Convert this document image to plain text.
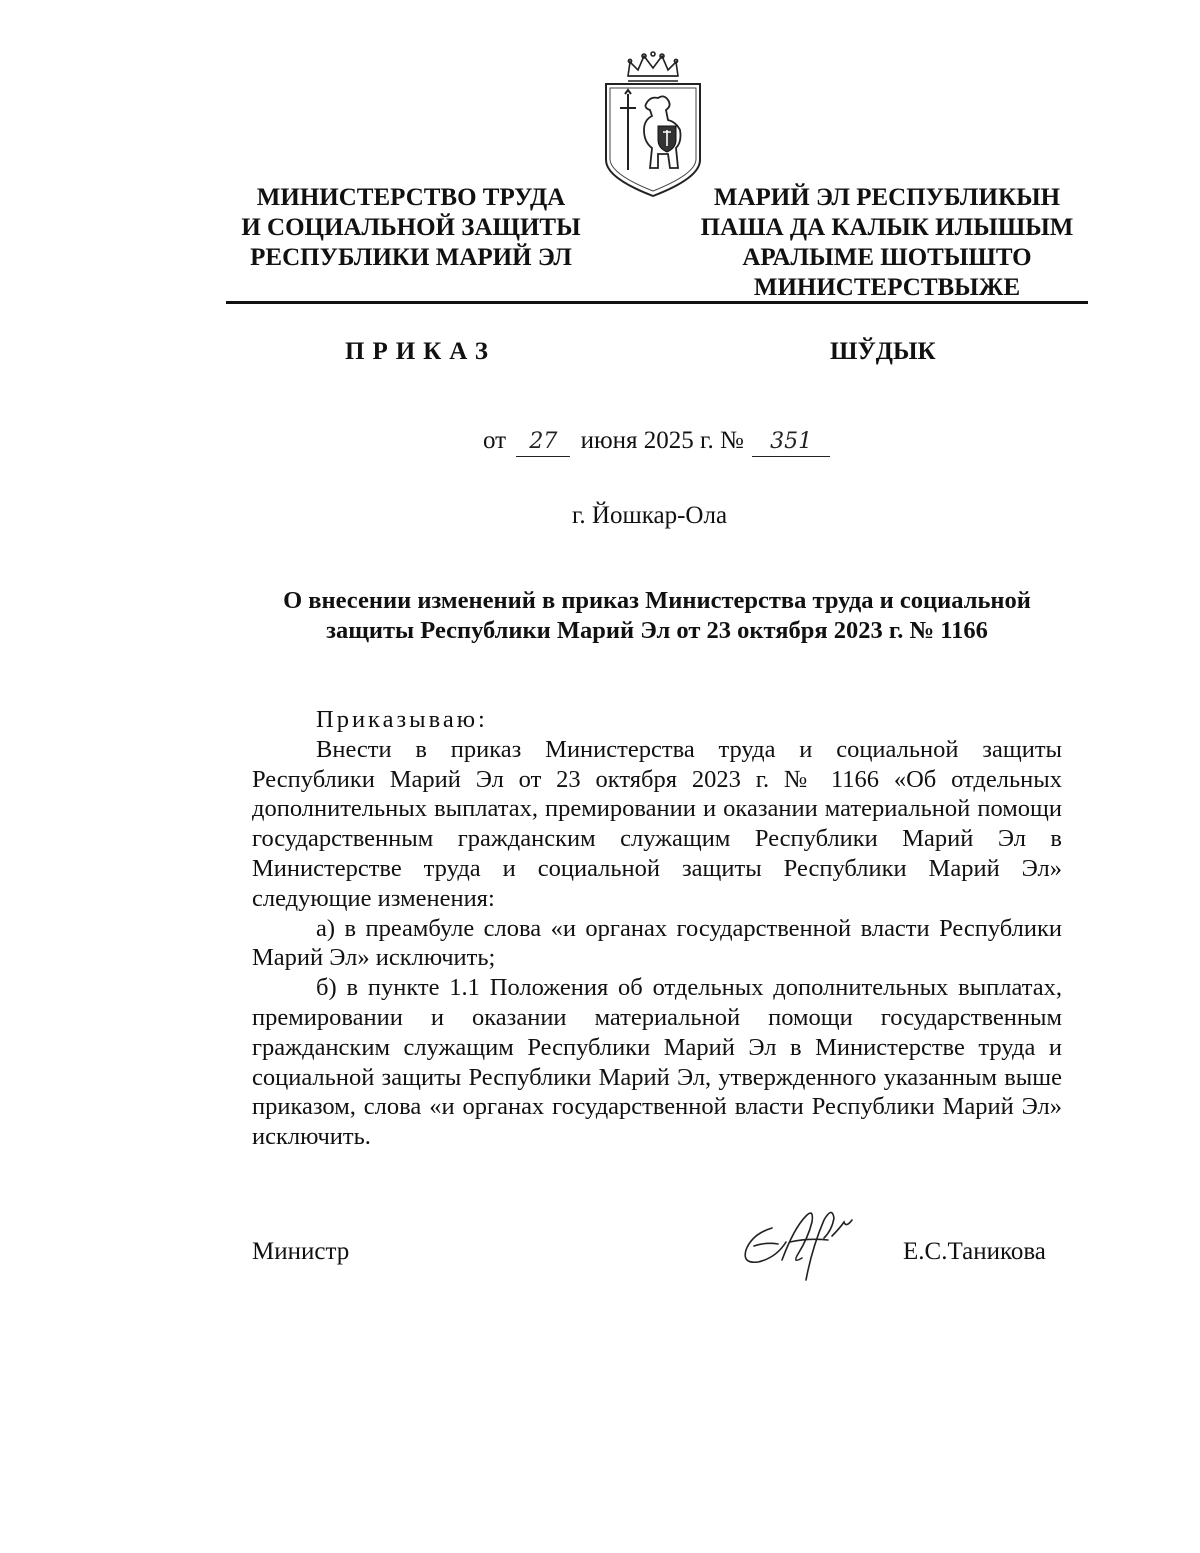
МИНИСТЕРСТВО ТРУДА
И СОЦИАЛЬНОЙ ЗАЩИТЫ
РЕСПУБЛИКИ МАРИЙ ЭЛ
МАРИЙ ЭЛ РЕСПУБЛИКЫН
ПАША ДА КАЛЫК ИЛЫШЫМ
АРАЛЫМЕ ШОТЫШТО
МИНИСТЕРСТВЫЖЕ
ПРИКАЗ	ШЎДЫК
от 27 июня 2025 г. № 351
г. Йошкар-Ола
О внесении изменений в приказ Министерства труда и социальной
защиты Республики Марий Эл от 23 октября 2023 г. № 1166

Приказываю:

Внести в приказ Министерства труда и социальной защиты Республики Марий Эл от 23 октября 2023 г. № 1166 «Об отдельных дополнительных выплатах, премировании и оказании материальной помощи государственным гражданским служащим Республики Марий Эл в Министерстве труда и социальной защиты Республики Марий Эл» следующие изменения:

а) в преамбуле слова «и органах государственной власти Республики Марий Эл» исключить;

б) в пункте 1.1 Положения об отдельных дополнительных выплатах, премировании и оказании материальной помощи государственным гражданским служащим Республики Марий Эл в Министерстве труда и социальной защиты Республики Марий Эл, утвержденного указанным выше приказом, слова «и органах государственной власти Республики Марий Эл» исключить.

Министр	Е.С.Таникова
